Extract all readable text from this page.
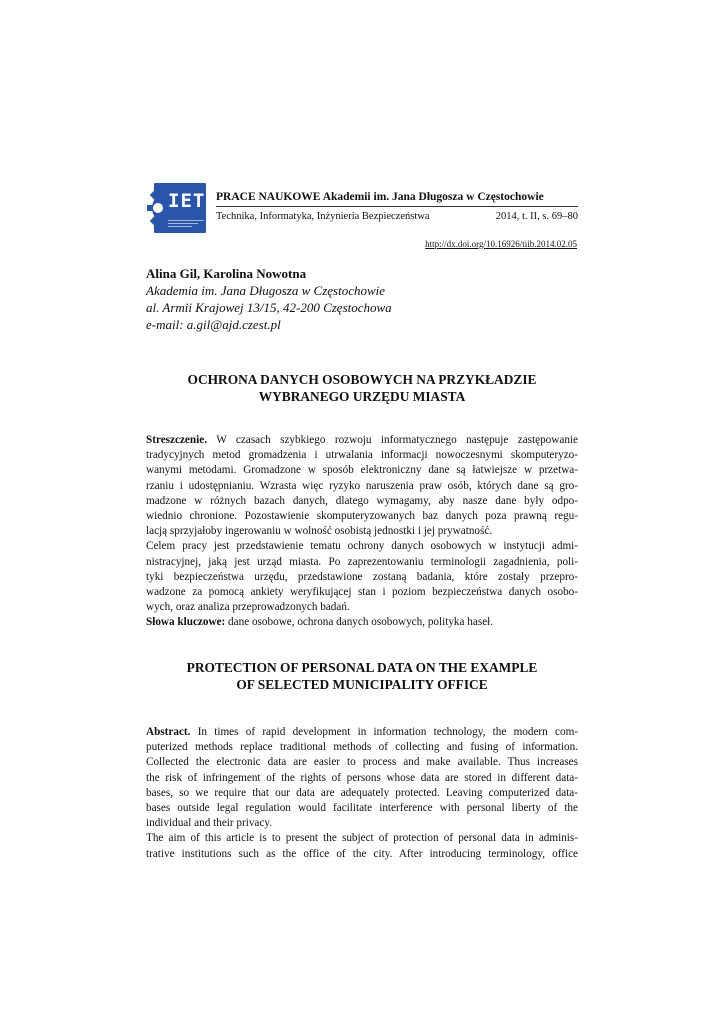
IETB
PRACE NAUKOWE Akademii im. Jana Długosza w Częstochowie
Technika, Informatyka, Inżynieria Bezpieczeństwa	2014, t. II, s. 69–80
http://dx.doi.org/10.16926/tiib.2014.02.05
Alina Gil, Karolina Nowotna
Akademia im. Jana Długosza w Częstochowie
al. Armii Krajowej 13/15, 42-200 Częstochowa
e-mail: a.gil@ajd.czest.pl
OCHRONA DANYCH OSOBOWYCH NA PRZYKŁADZIE
WYBRANEGO URZĘDU MIASTA
Streszczenie. W czasach szybkiego rozwoju informatycznego następuje zastępowanie
tradycyjnych metod gromadzenia i utrwalania informacji nowoczesnymi skomputeryzo-
wanymi metodami. Gromadzone w sposób elektroniczny dane są łatwiejsze w przetwa-
rzaniu i udostępnianiu. Wzrasta więc ryzyko naruszenia praw osób, których dane są gro-
madzone w różnych bazach danych, dlatego wymagamy, aby nasze dane były odpo-
wiednio chronione. Pozostawienie skomputeryzowanych baz danych poza prawną regu-
lacją sprzyjałoby ingerowaniu w wolność osobistą jednostki i jej prywatność.
Celem pracy jest przedstawienie tematu ochrony danych osobowych w instytucji admi-
nistracyjnej, jaką jest urząd miasta. Po zaprezentowaniu terminologii zagadnienia, poli-
tyki bezpieczeństwa urzędu, przedstawione zostaną badania, które zostały przepro-
wadzone za pomocą ankiety weryfikującej stan i poziom bezpieczeństwa danych osobo-
wych, oraz analiza przeprowadzonych badań.
Słowa kluczowe: dane osobowe, ochrona danych osobowych, polityka haseł.
PROTECTION OF PERSONAL DATA ON THE EXAMPLE
OF SELECTED MUNICIPALITY OFFICE
Abstract. In times of rapid development in information technology, the modern com-
puterized methods replace traditional methods of collecting and fusing of information.
Collected the electronic data are easier to process and make available. Thus increases
the risk of infringement of the rights of persons whose data are stored in different data-
bases, so we require that our data are adequately protected. Leaving computerized data-
bases outside legal regulation would facilitate interference with personal liberty of the
individual and their privacy.
The aim of this article is to present the subject of protection of personal data in adminis-
trative institutions such as the office of the city. After introducing terminology, office
